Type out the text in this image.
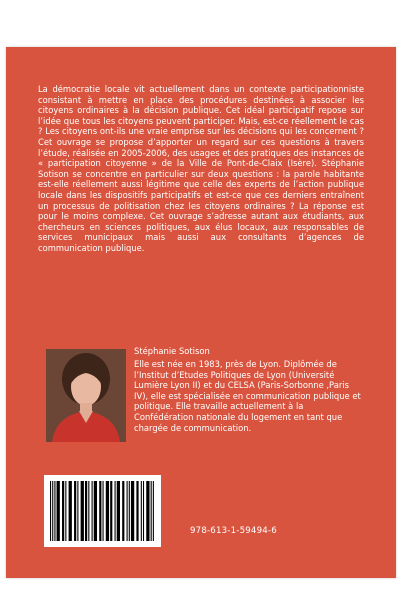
La démocratie locale vit actuellement dans un contexte participationniste consistant à mettre en place des procédures destinées à associer les citoyens ordinaires à la décision publique. Cet idéal participatif repose sur l’idée que tous les citoyens peuvent participer. Mais, est-ce réellement le cas ? Les citoyens ont-ils une vraie emprise sur les décisions qui les concernent ? Cet ouvrage se propose d’apporter un regard sur ces questions à travers l’étude, réalisée en 2005-2006, des usages et des pratiques des instances de « participation citoyenne » de la Ville de Pont-de-Claix (Isère). Stéphanie Sotison se concentre en particulier sur deux questions : la parole habitante est-elle réellement aussi légitime que celle des experts de l’action publique locale dans les dispositifs participatifs et est-ce que ces derniers entraînent un processus de politisation chez les citoyens ordinaires ? La réponse est pour le moins complexe. Cet ouvrage s’adresse autant aux étudiants, aux chercheurs en sciences politiques, aux élus locaux, aux responsables de services municipaux mais aussi aux consultants d’agences de communication publique.

Stéphanie Sotison

Elle est née en 1983, près de Lyon. Diplômée de l’Institut d’Etudes Politiques de Lyon (Université Lumière Lyon II) et du CELSA (Paris-Sorbonne ,Paris IV), elle est spécialisée en communication publique et politique. Elle travaille actuellement à la Confédération nationale du logement en tant que chargée de communication.

978-613-1-59494-6
